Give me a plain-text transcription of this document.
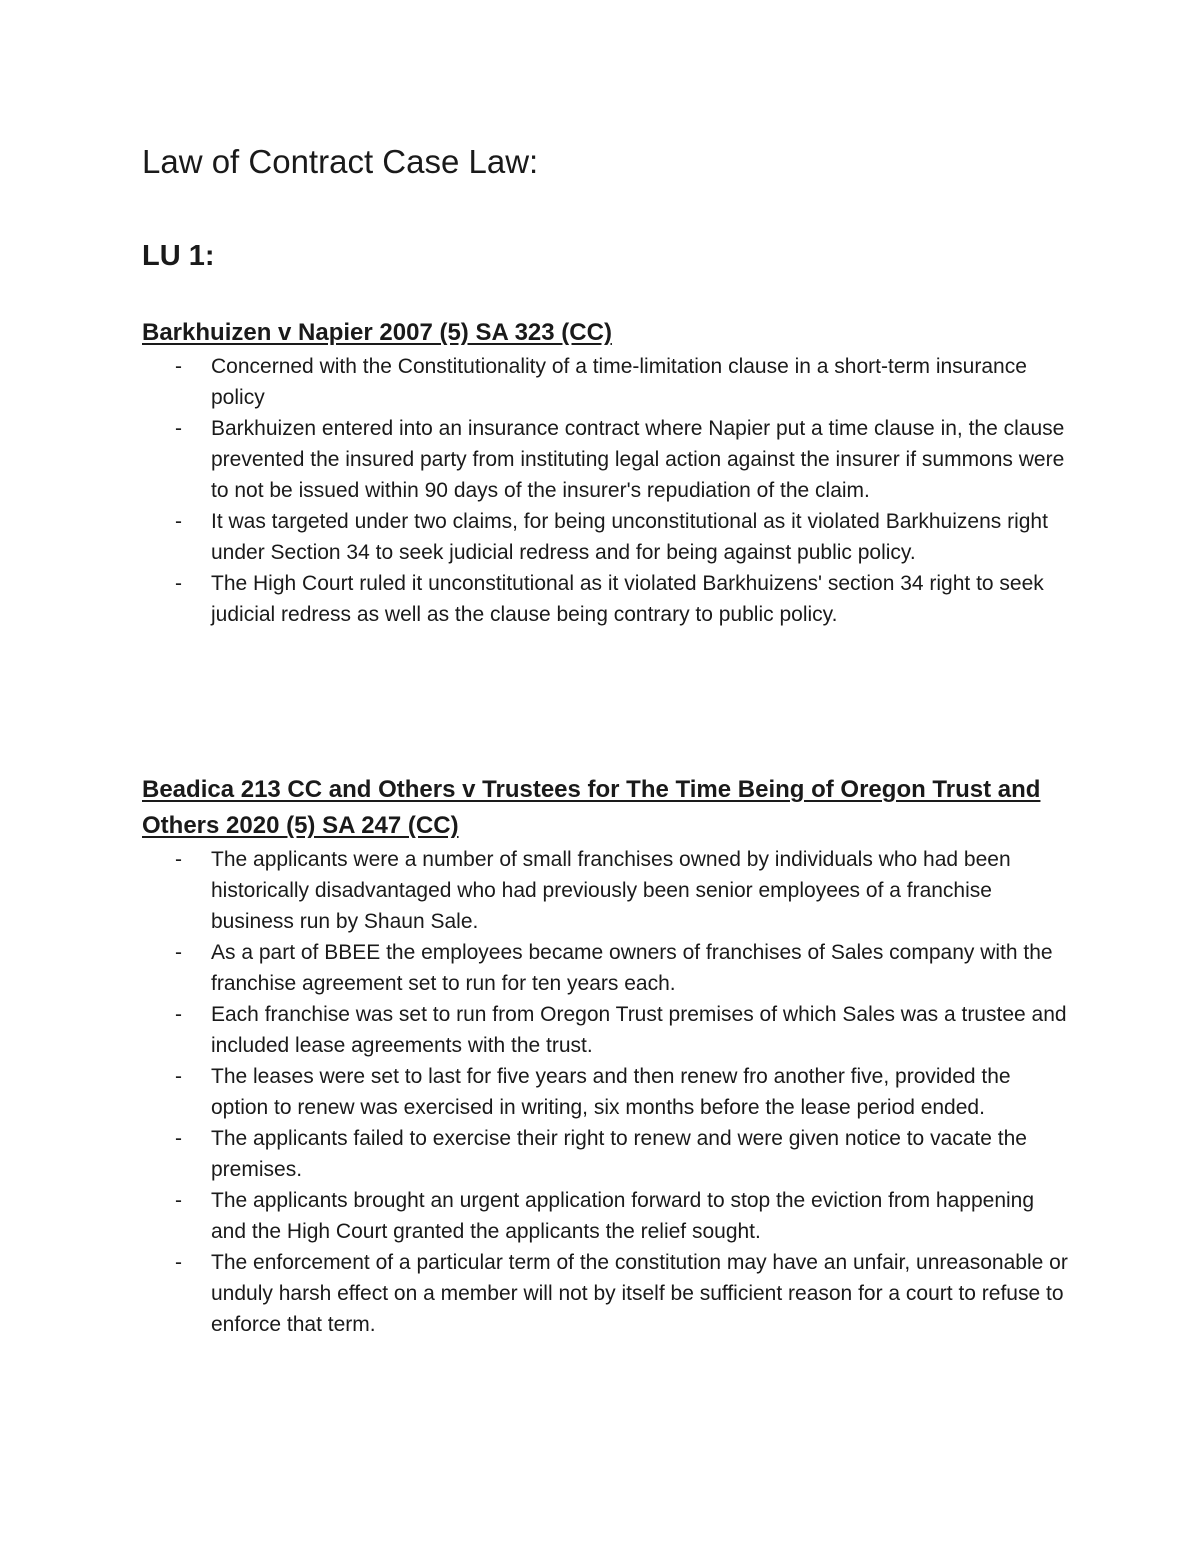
Law of Contract Case Law:
LU 1:
Barkhuizen v Napier 2007 (5) SA 323 (CC)
- Concerned with the Constitutionality of a time-limitation clause in a short-term insurance policy
- Barkhuizen entered into an insurance contract where Napier put a time clause in, the clause prevented the insured party from instituting legal action against the insurer if summons were to not be issued within 90 days of the insurer's repudiation of the claim.
- It was targeted under two claims, for being unconstitutional as it violated Barkhuizens right under Section 34 to seek judicial redress and for being against public policy.
- The High Court ruled it unconstitutional as it violated Barkhuizens' section 34 right to seek judicial redress as well as the clause being contrary to public policy.
Beadica 213 CC and Others v Trustees for The Time Being of Oregon Trust and Others 2020 (5) SA 247 (CC)
- The applicants were a number of small franchises owned by individuals who had been historically disadvantaged who had previously been senior employees of a franchise business run by Shaun Sale.
- As a part of BBEE the employees became owners of franchises of Sales company with the franchise agreement set to run for ten years each.
- Each franchise was set to run from Oregon Trust premises of which Sales was a trustee and included lease agreements with the trust.
- The leases were set to last for five years and then renew fro another five, provided the option to renew was exercised in writing, six months before the lease period ended.
- The applicants failed to exercise their right to renew and were given notice to vacate the premises.
- The applicants brought an urgent application forward to stop the eviction from happening and the High Court granted the applicants the relief sought.
- The enforcement of a particular term of the constitution may have an unfair, unreasonable or unduly harsh effect on a member will not by itself be sufficient reason for a court to refuse to enforce that term.
